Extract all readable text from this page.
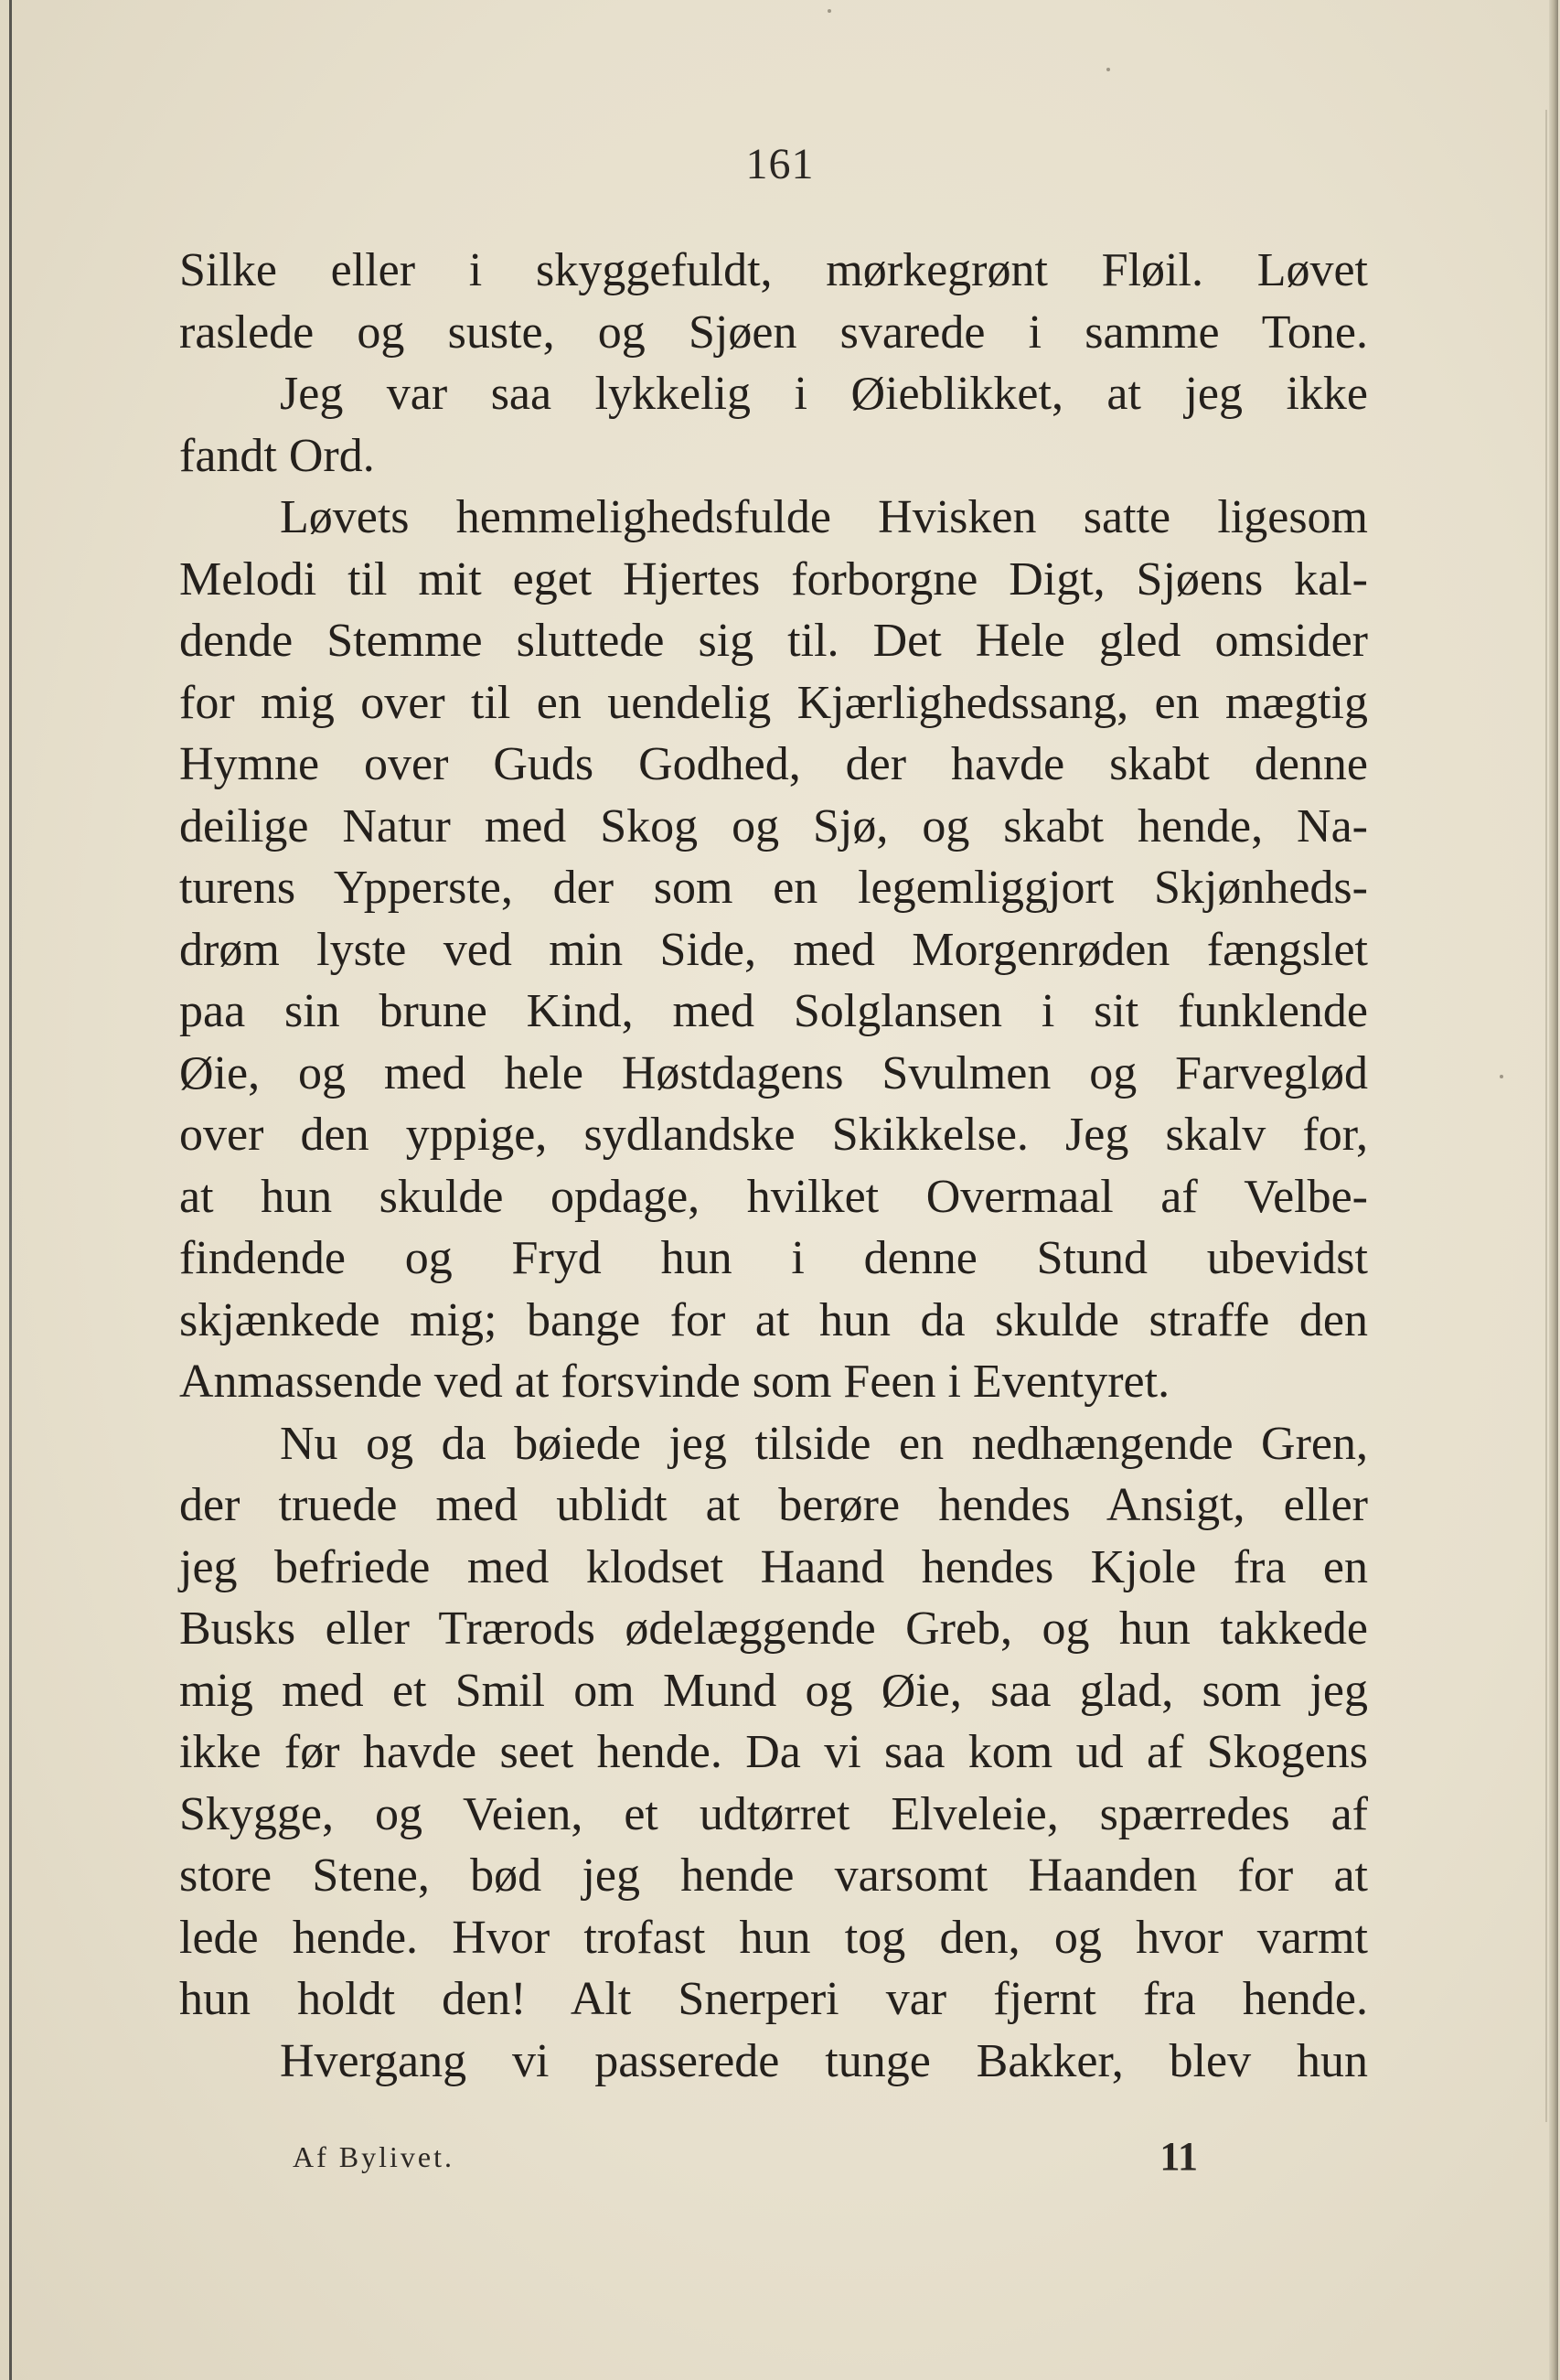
161
Silke eller i skyggefuldt, mørkegrønt Fløil. Løvet
raslede og suste, og Sjøen svarede i samme Tone.
Jeg var saa lykkelig i Øieblikket, at jeg ikke
fandt Ord.
Løvets hemmelighedsfulde Hvisken satte ligesom
Melodi til mit eget Hjertes forborgne Digt, Sjøens kal-
dende Stemme sluttede sig til. Det Hele gled omsider
for mig over til en uendelig Kjærlighedssang, en mægtig
Hymne over Guds Godhed, der havde skabt denne
deilige Natur med Skog og Sjø, og skabt hende, Na-
turens Ypperste, der som en legemliggjort Skjønheds-
drøm lyste ved min Side, med Morgenrøden fængslet
paa sin brune Kind, med Solglansen i sit funklende
Øie, og med hele Høstdagens Svulmen og Farveglød
over den yppige, sydlandske Skikkelse. Jeg skalv for,
at hun skulde opdage, hvilket Overmaal af Velbe-
findende og Fryd hun i denne Stund ubevidst
skjænkede mig; bange for at hun da skulde straffe den
Anmassende ved at forsvinde som Feen i Eventyret.
Nu og da bøiede jeg tilside en nedhængende Gren,
der truede med ublidt at berøre hendes Ansigt, eller
jeg befriede med klodset Haand hendes Kjole fra en
Busks eller Trærods ødelæggende Greb, og hun takkede
mig med et Smil om Mund og Øie, saa glad, som jeg
ikke før havde seet hende. Da vi saa kom ud af Skogens
Skygge, og Veien, et udtørret Elveleie, spærredes af
store Stene, bød jeg hende varsomt Haanden for at
lede hende. Hvor trofast hun tog den, og hvor varmt
hun holdt den! Alt Snerperi var fjernt fra hende.
Hvergang vi passerede tunge Bakker, blev hun
Af Bylivet.	11
